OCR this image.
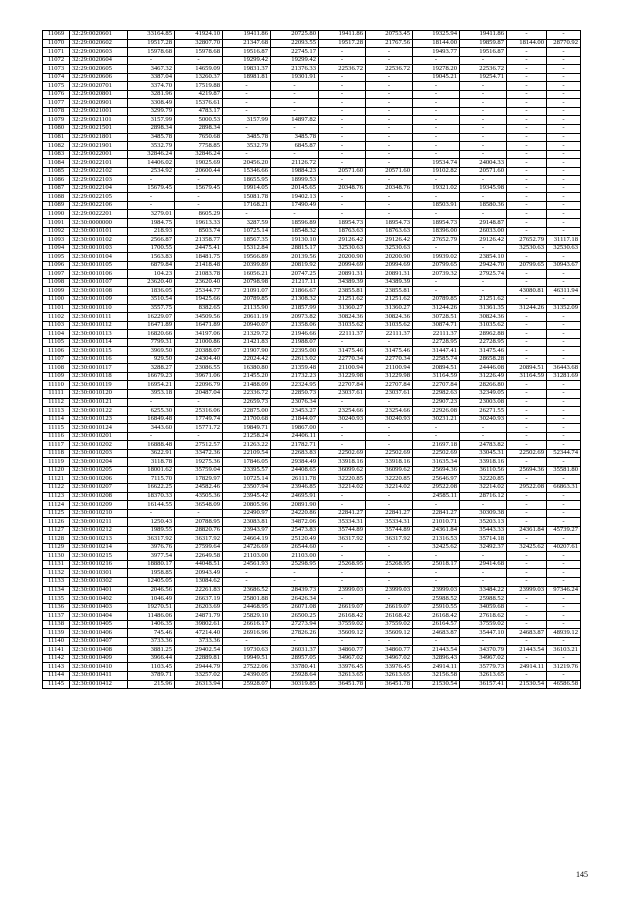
11069	32:29:0020601	33164.85	41924.10	19411.86	20725.80	19411.86	20753.45	19325.94	19411.86	-	-
11070	32:29:0020602	19517.28	32807.70	21347.68	22093.55	19517.28	21767.56	18144.00	19859.87	18144.00	28770.92
11071	32:29:0020603	15978.68	15978.68	19516.87	22745.17	-	-	19493.77	19516.87	-	-
11072	32:29:0020604	-	-	19299.42	19299.42	-	-	-	-	-	-
11073	32:29:0020605	3467.32	14659.09	19831.37	21376.33	22536.72	22536.72	19278.20	22536.72	-	-
11074	32:29:0020606	3387.04	13260.37	18981.81	19301.91	-	-	19045.21	19254.71	-	-
11075	32:29:0020701	3374.70	17519.88	-	-	-	-	-	-	-	-
11076	32:29:0020801	3281.96	4219.87	-	-	-	-	-	-	-	-
11077	32:29:0020901	3308.49	15376.61	-	-	-	-	-	-	-	-
11078	32:29:0021001	3299.79	4783.17	-	-	-	-	-	-	-	-
11079	32:29:0021101	3157.99	5000.53	3157.99	14897.82	-	-	-	-	-	-
11080	32:29:0021501	2898.34	2898.34	-	-	-	-	-	-	-	-
11081	32:29:0021801	3485.78	7650.68	3485.78	3485.78	-	-	-	-	-	-
11082	32:29:0021901	3532.79	7758.85	3532.79	6845.87	-	-	-	-	-	-
11083	32:29:0022001	32846.24	32846.24	-	-	-	-	-	-	-	-
11084	32:29:0022101	14406.02	19025.69	20456.20	21126.72	-	-	19534.74	24004.33	-	-
11085	32:29:0022102	2534.92	20600.44	15346.66	19884.23	20571.60	20571.60	19102.82	20571.60	-	-
11086	32:29:0022103	-	-	18655.95	18999.53	-	-	-	-	-	-
11087	32:29:0022104	15679.45	15679.45	19914.05	20145.65	20348.76	20348.76	19321.02	19345.98	-	-
11088	32:29:0022105	-	-	15081.78	19402.13	-	-	-	-	-	-
11089	32:29:0022106	-	-	17168.21	17490.49	-	-	18503.91	18580.36	-	-
11090	32:29:0022201	3279.01	8605.29	-	-	-	-	-	-	-	-
11091	32:30:0000000	1984.75	19613.33	3287.59	18596.89	18954.73	18954.73	18954.73	29148.87	-	-
11092	32:30:0010101	218.93	8503.74	10725.14	18548.32	18763.63	18763.63	18396.00	26033.00	-	-
11093	32:30:0010102	2566.87	21358.77	18567.35	19130.10	29126.42	29126.42	27652.79	29126.42	27652.79	31117.18
11094	32:30:0010103	1700.55	24475.41	15312.84	28815.17	32530.63	32530.63	-	-	32530.63	32530.63
11095	32:30:0010104	1563.83	18481.75	19566.89	20139.56	20200.90	20200.90	19939.02	23854.10	-	-
11096	32:30:0010105	6879.84	21418.48	20399.89	20819.92	20994.69	20994.69	20799.65	29424.70	20799.65	30943.67
11097	32:30:0010106	104.23	21083.78	16056.21	20747.25	20891.31	20891.31	20739.32	27925.74	-	-
11098	32:30:0010107	23620.40	23620.40	20798.98	21217.11	34389.39	34389.39	-	-	-	-
11099	32:30:0010108	1836.05	25344.77	21091.07	21866.67	23855.81	23855.81	-	-	43080.81	46311.94
11100	32:30:0010109	3510.54	19425.66	20789.85	21308.32	21251.62	21251.62	20789.85	21251.62	-	-
11101	32:30:0010110	3557.75	8382.65	21135.90	21857.99	31360.27	31360.27	31244.26	31361.35	31244.26	31352.09
11102	32:30:0010111	16229.07	34509.56	20611.19	20973.82	30824.36	30824.36	30728.51	30824.36	-	-
11103	32:30:0010112	16471.89	16471.89	20940.07	21358.06	31035.62	31035.62	30874.71	31035.62	-	-
11104	32:30:0010113	16820.66	34197.06	21329.72	21946.66	22111.37	22111.37	22111.37	28962.88	-	-
11105	32:30:0010114	7799.31	21000.86	21421.83	21988.07	-	-	22728.95	22728.95	-	-
11106	32:30:0010115	3969.50	20388.07	21907.90	22395.00	31475.46	31475.46	31447.41	31475.46	-	-
11107	32:30:0010116	929.50	24304.40	22024.42	22613.02	22770.34	22770.34	22585.74	28658.28	-	-
11108	32:30:0010117	3288.27	23086.55	16380.80	21359.48	21100.94	21100.94	20894.51	24446.08	20894.51	36443.68
11109	32:30:0010118	16679.23	39671.06	21455.20	21732.23	31229.98	31229.98	31164.59	31226.49	31164.59	31281.69
11110	32:30:0010119	16954.21	22096.79	21488.09	22324.95	22707.84	22707.84	22707.84	28266.80	-	-
11111	32:30:0010120	3953.18	20487.04	22336.72	22850.73	23037.61	23037.61	22982.63	32349.05	-	-
11112	32:30:0010121	-	-	22659.73	23076.34	-	-	22907.23	23003.08	-	-
11113	32:30:0010122	6255.30	25316.06	22875.00	23453.27	23254.66	23254.66	22926.08	26271.55	-	-
11114	32:30:0010123	16849.48	17749.74	21700.68	21844.07	30240.93	30240.93	30231.21	30240.93	-	-
11115	32:30:0010124	3443.60	15771.72	19849.71	19867.00	-	-	-	-	-	-
11116	32:30:0010201	-	-	21258.24	24406.11	-	-	-	-	-	-
11117	32:30:0010202	16888.48	27512.57	21263.22	21782.71	-	-	21697.18	24783.82	-	-
11118	32:30:0010203	3622.91	33472.36	22109.54	22683.83	22502.69	22502.69	22502.69	33045.31	22502.69	52344.74
11119	32:30:0010204	3118.78	19275.36	17846.05	29384.49	33918.16	33918.16	31635.34	33918.16	-	-
11120	32:30:0010205	18001.62	35759.04	23395.57	24408.65	36099.62	36099.62	25694.36	36110.56	25694.36	35581.80
11121	32:30:0010206	7115.70	17829.97	10725.14	26111.78	32220.85	32220.85	25646.97	32220.85	-	-
11122	32:30:0010207	16622.25	24582.46	23507.94	23946.85	32214.02	32214.02	29522.08	32214.02	29522.08	66863.31
11123	32:30:0010208	18370.33	43505.36	23945.42	24695.91	-	-	24585.11	28716.12	-	-
11124	32:30:0010209	16144.55	36548.09	20805.96	20891.90	-	-	-	-	-	-
11125	32:30:0010210	-	-	22490.97	24220.86	22841.27	22841.27	22841.27	30309.38	-	-
11126	32:30:0010211	1250.43	20788.95	23083.81	34872.06	35334.31	35334.31	21010.71	35203.13	-	-
11127	32:30:0010212	1989.55	28820.76	23943.97	25473.83	35744.89	35744.89	24361.84	35443.33	24361.84	45739.27
11128	32:30:0010213	36317.92	36317.92	24664.19	25120.49	36317.92	36317.92	21316.53	35714.18	-	-
11129	32:30:0010214	3976.76	27599.64	24726.69	26544.60	-	-	32425.62	32492.37	32425.62	40207.61
11130	32:30:0010215	3977.54	22649.58	21103.00	21103.00	-	-	-	-	-	-
11131	32:30:0010216	18880.17	44048.51	24561.93	25298.95	25268.95	25268.95	25018.17	29414.68	-	-
11132	32:30:0010301	1958.85	20943.49	-	-	-	-	-	-	-	-
11133	32:30:0010302	12405.05	13084.62	-	-	-	-	-	-	-	-
11134	32:30:0010401	2046.56	22261.83	23686.52	28439.73	23999.03	23999.03	23999.03	33484.22	23999.03	97346.24
11135	32:30:0010402	1046.49	26637.19	25801.88	26426.34	-	-	25988.52	25988.52	-	-
11136	32:30:0010403	19270.51	26203.69	24468.95	26071.08	26619.07	26619.07	25910.55	34059.68	-	-
11137	32:30:0010404	11486.06	24871.79	25829.10	26500.25	26168.42	26168.42	26168.42	27618.62	-	-
11138	32:30:0010405	1406.35	39802.61	26616.17	27273.94	37559.02	37559.02	26164.57	37559.02	-	-
11139	32:30:0010406	745.46	47214.40	26916.96	27826.26	35609.12	35609.12	24683.87	35447.10	24683.87	48939.12
11140	32:30:0010407	3733.36	3733.36	-	-	-	-	-	-	-	-
11141	32:30:0010408	3881.25	29402.54	19730.63	26031.37	34860.77	34860.77	21443.54	34370.79	21443.54	36103.21
11142	32:30:0010409	3966.44	22889.81	19949.51	28957.05	34967.02	34967.02	32896.43	34967.02	-	-
11143	32:30:0010410	1103.45	29444.79	27522.06	33780.41	33976.45	33976.45	24914.11	35779.73	24914.11	31219.76
11144	32:30:0010411	3789.71	33257.02	24390.05	25928.64	32613.65	32613.65	32156.58	32613.65	-	-
11145	32:30:0010412	215.96	26313.94	25928.07	30319.85	36451.78	36451.78	21530.54	36157.41	21530.54	46586.58
145
